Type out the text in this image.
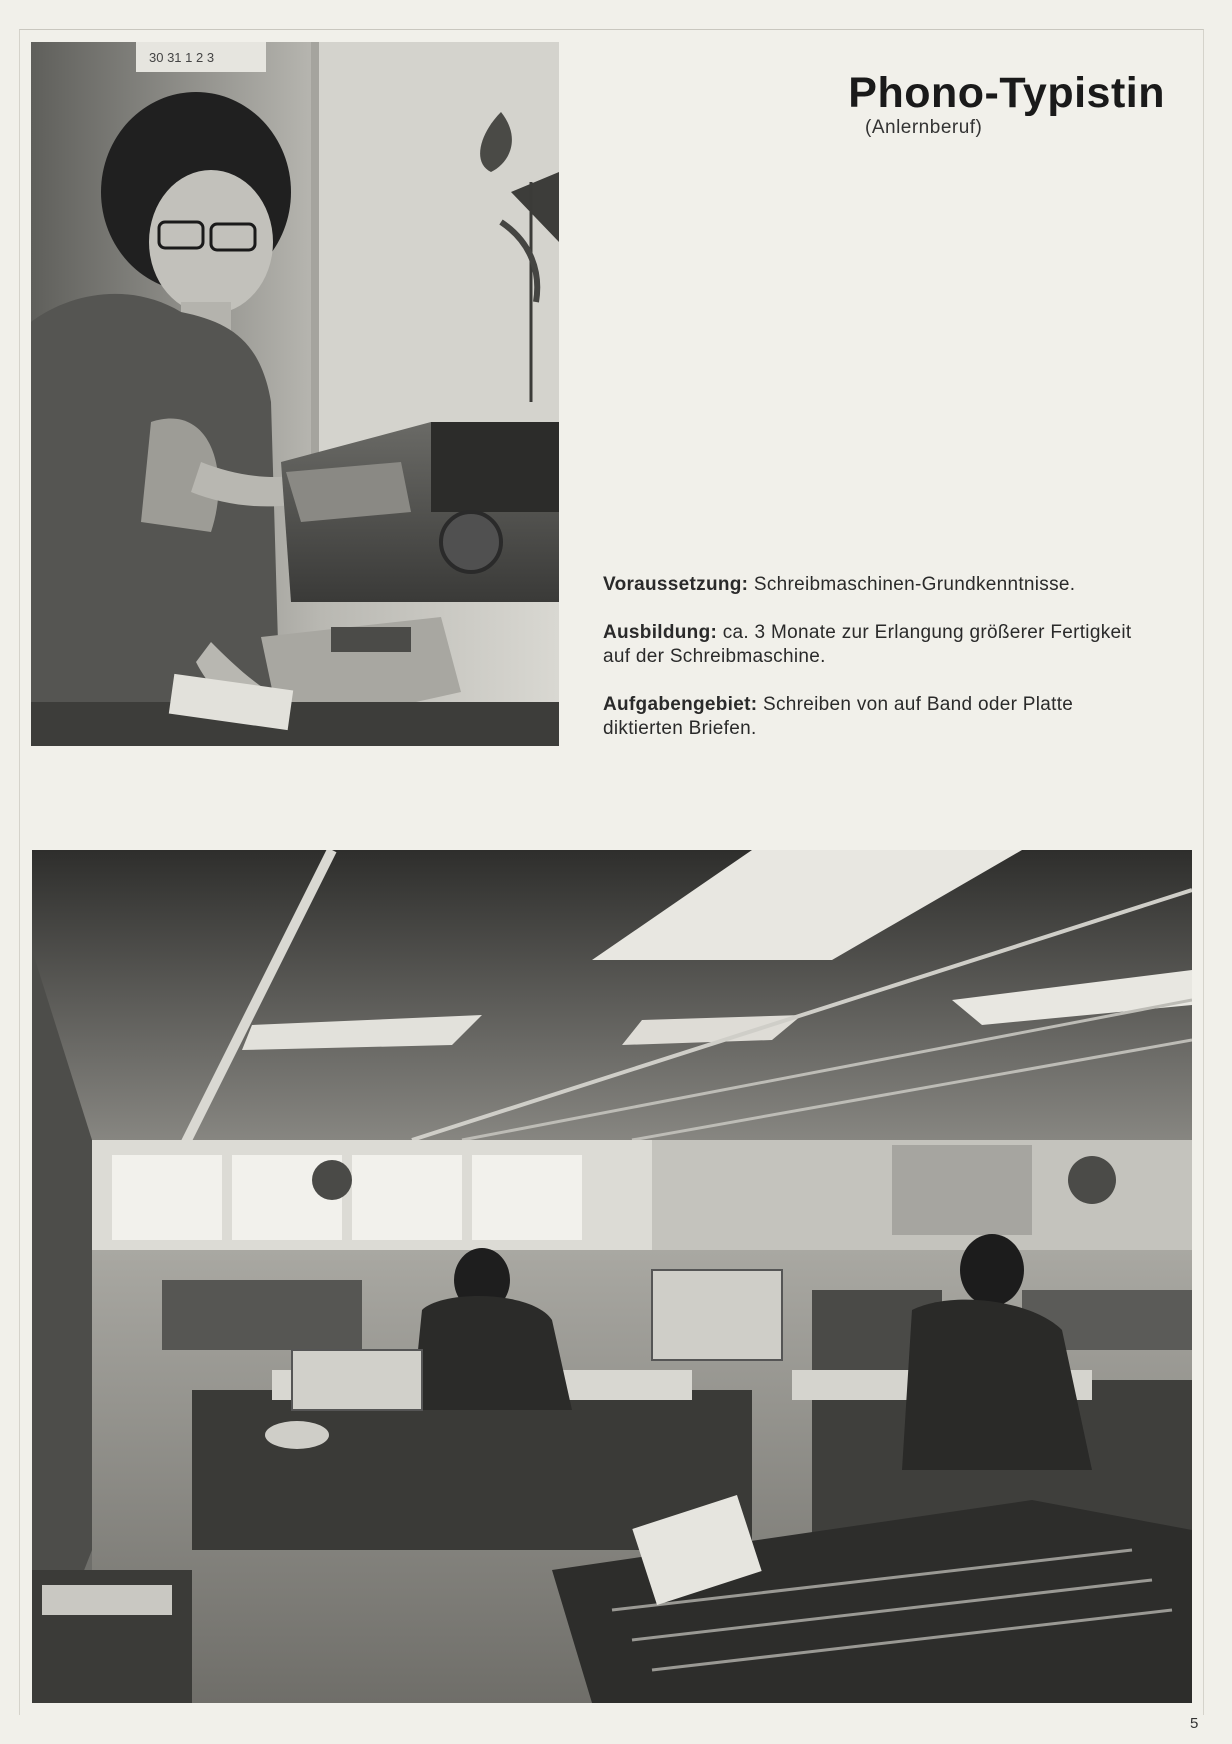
30 31 1 2 3
Phono-Typistin
(Anlernberuf)
Voraussetzung: Schreibmaschinen-Grundkenntnisse.
Ausbildung: ca. 3 Monate zur Erlangung größerer Fertigkeit auf der Schreibmaschine.
Aufgabengebiet: Schreiben von auf Band oder Platte diktierten Briefen.
5
